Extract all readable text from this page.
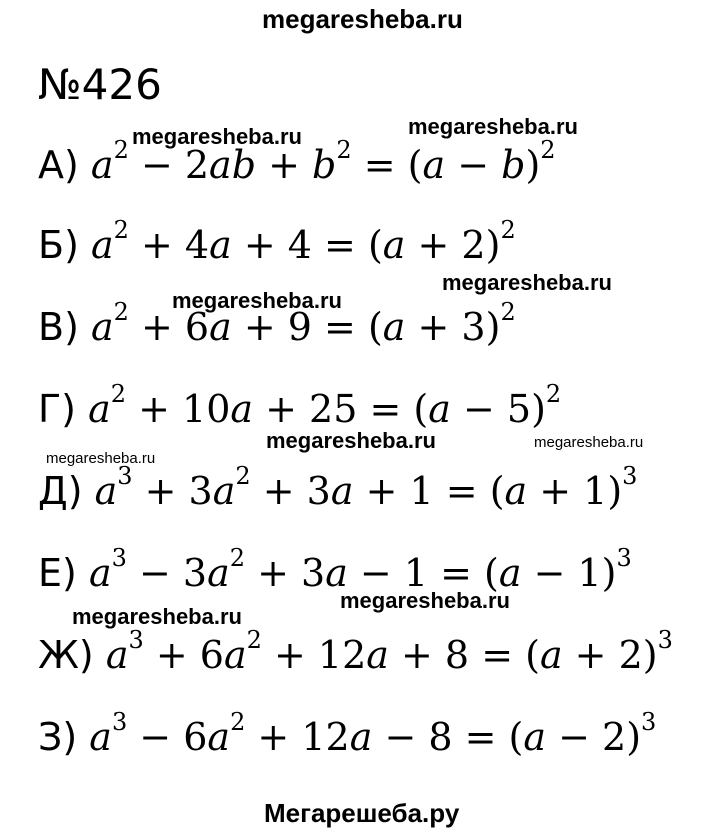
megaresheba.ru
№426
megaresheba.ru	megaresheba.ru
megaresheba.ru
megaresheba.ru
megaresheba.ru	megaresheba.ru
megaresheba.ru
megaresheba.ru
megaresheba.ru
А) $a^2 - 2ab + b^2 = (a - b)^2$
Б) $a^2 + 4a + 4 = (a + 2)^2$
В) $a^2 + 6a + 9 = (a + 3)^2$
Г) $a^2 + 10a + 25 = (a - 5)^2$
Д) $a^3 + 3a^2 + 3a + 1 = (a + 1)^3$
Е) $a^3 - 3a^2 + 3a - 1 = (a - 1)^3$
Ж) $a^3 + 6a^2 + 12a + 8 = (a + 2)^3$
З) $a^3 - 6a^2 + 12a - 8 = (a - 2)^3$
Мегарешеба.ру
